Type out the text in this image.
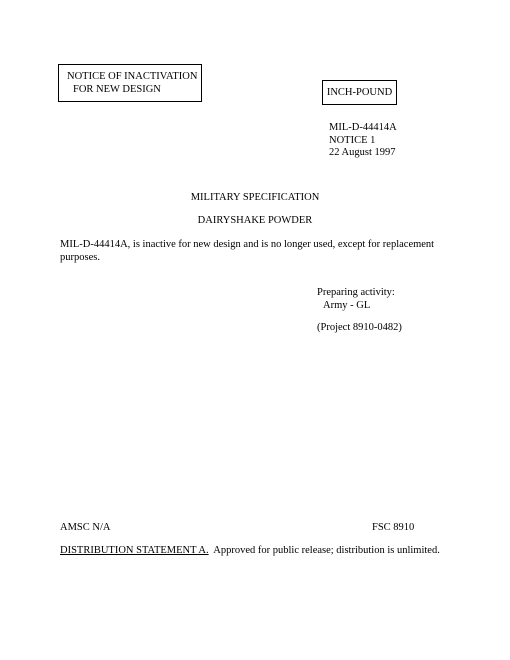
NOTICE OF INACTIVATION
FOR NEW DESIGN	INCH-POUND
MIL-D-44414A
NOTICE 1
22 August 1997
MILITARY SPECIFICATION
DAIRYSHAKE POWDER
MIL-D-44414A, is inactive for new design and is no longer used, except for replacement purposes.
Preparing activity:
Army - GL
(Project 8910-0482)
AMSC N/A	FSC 8910
DISTRIBUTION STATEMENT A.  Approved for public release; distribution is unlimited.
